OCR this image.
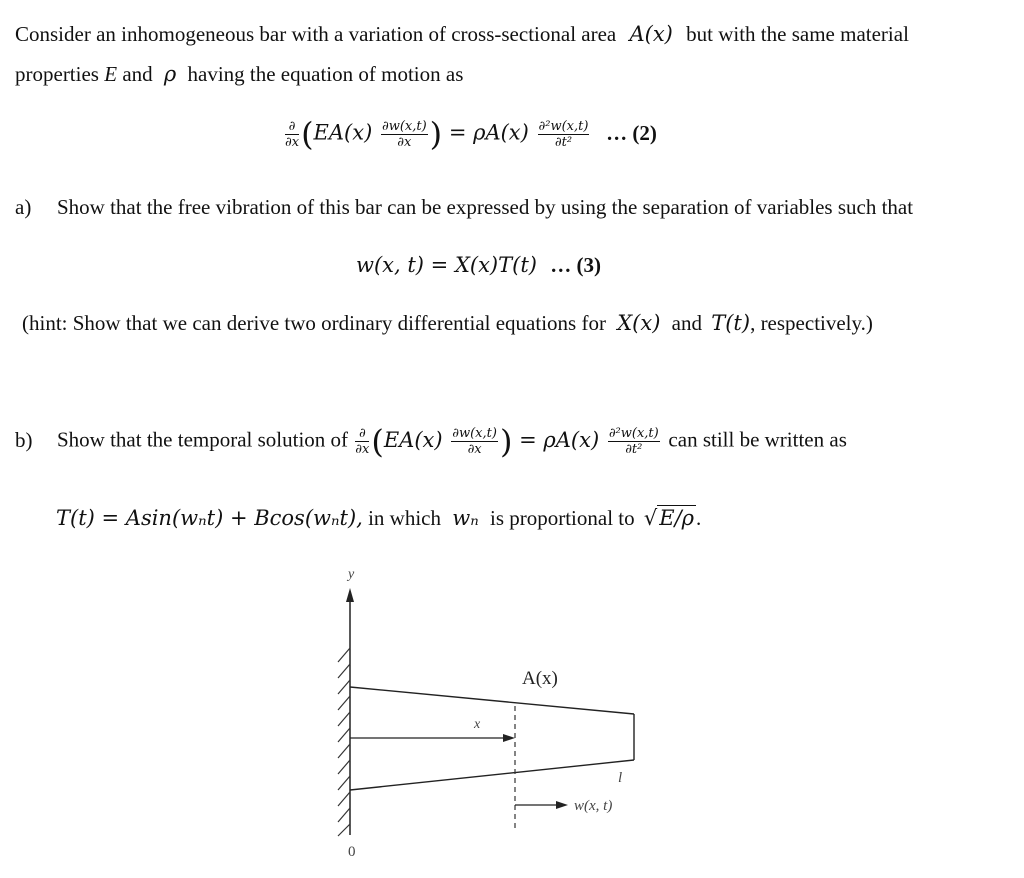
Consider an inhomogeneous bar with a variation of cross-sectional area A(x) but with the same material
properties E and ρ having the equation of motion as
$\frac{\partial}{\partial x} (EA(x) \frac{\partial w(x,t)}{\partial x}$ ) = $\rho A(x) \frac{\text{∂²w(x,t)}}{\text{∂t²}}$ … (2)
a) Show that the free vibration of this bar can be expressed by using the separation of variables such that
w(x, t) = X(x)T(t) … (3)
(hint: Show that we can derive two ordinary differential equations for X(x) and T(t), respectively.)
b) Show that the temporal solution of $\frac{\partial}{\partial x} (EA(x) \frac{\partial w(x,t)}{\partial x}$ ) = $\rho A(x) \frac{\text{∂²w(x,t)}}{\text{∂t²}}$ can still be written as
T(t) = Asin(wₙt) + Bcos(wₙt), in which wₙ is proportional to √E/ρ.
y
0
x
A(x)
w(x, t)
l
